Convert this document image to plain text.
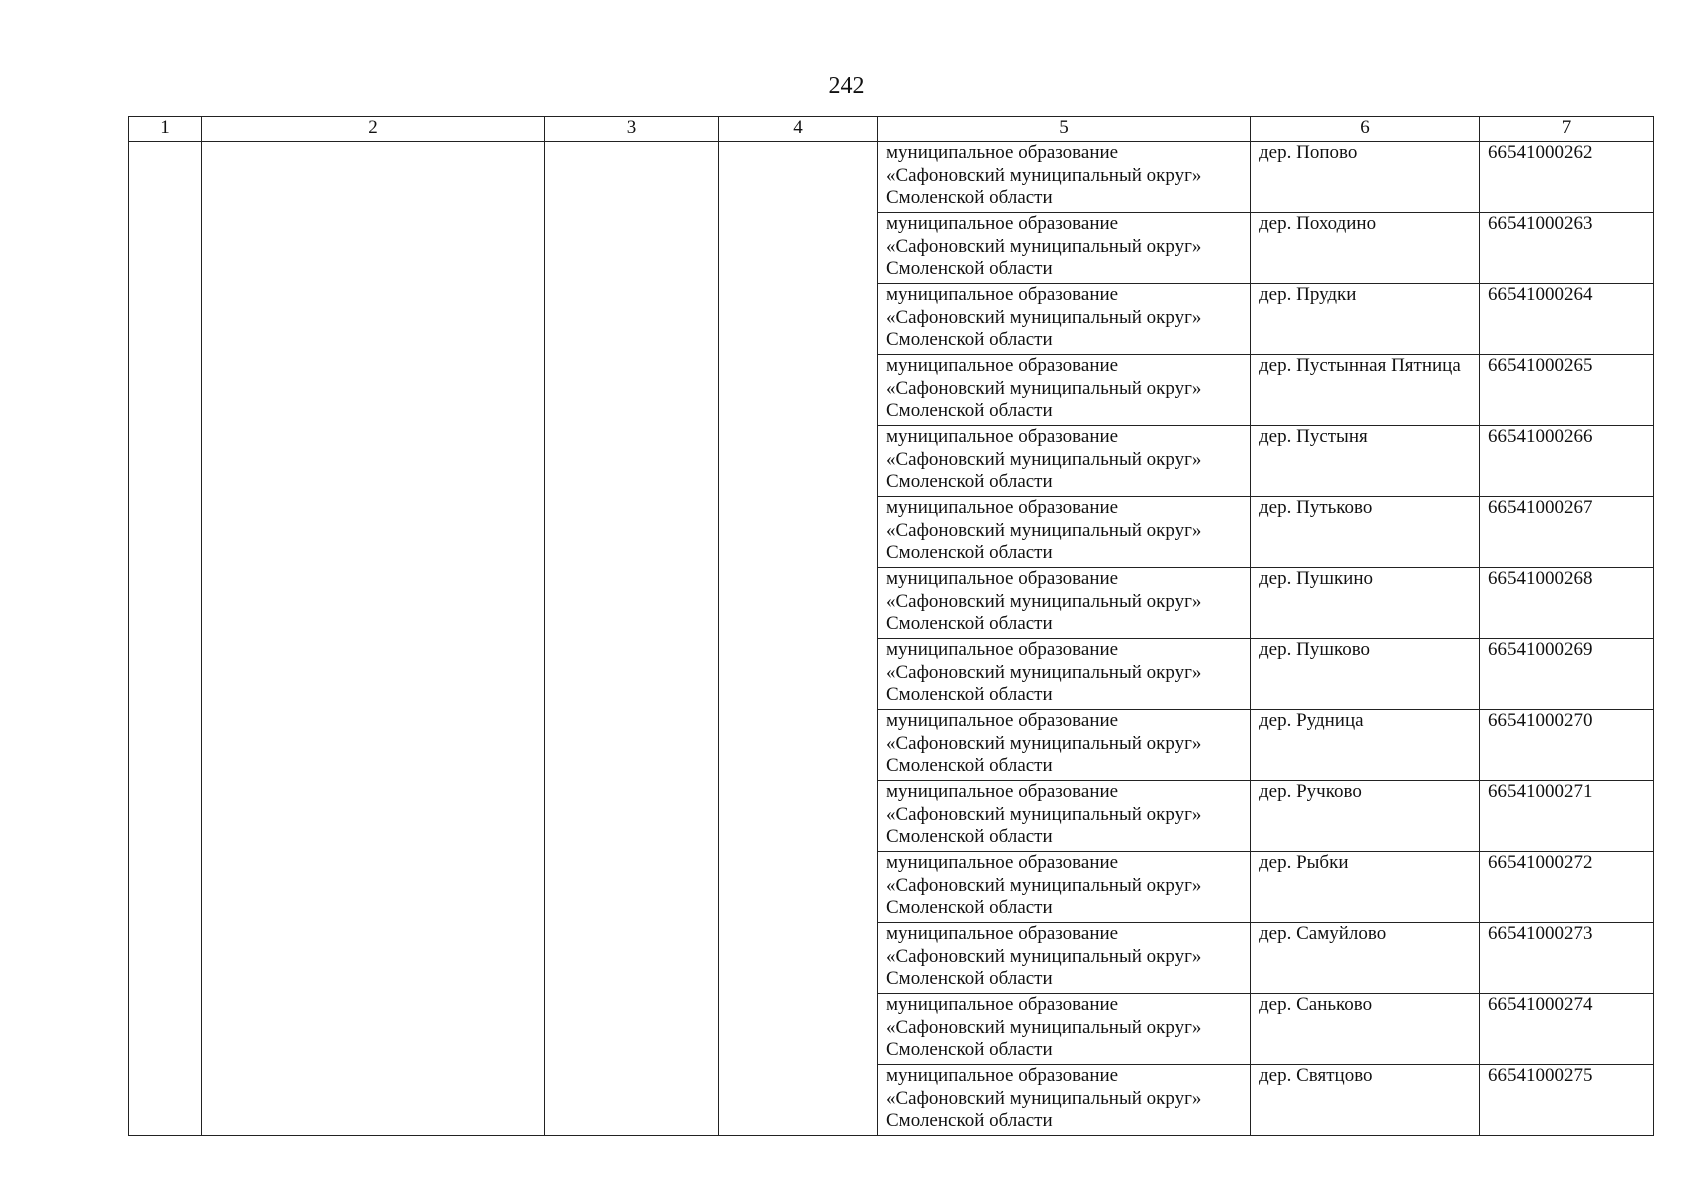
242
1	2	3	4	5	6	7

				муниципальное образование
«Сафоновский муниципальный округ»
Смоленской области	дер. Попово	66541000262

				муниципальное образование
«Сафоновский муниципальный округ»
Смоленской области	дер. Походино	66541000263

				муниципальное образование
«Сафоновский муниципальный округ»
Смоленской области	дер. Прудки	66541000264

				муниципальное образование
«Сафоновский муниципальный округ»
Смоленской области	дер. Пустынная Пятница	66541000265

				муниципальное образование
«Сафоновский муниципальный округ»
Смоленской области	дер. Пустыня	66541000266

				муниципальное образование
«Сафоновский муниципальный округ»
Смоленской области	дер. Путьково	66541000267

				муниципальное образование
«Сафоновский муниципальный округ»
Смоленской области	дер. Пушкино	66541000268

				муниципальное образование
«Сафоновский муниципальный округ»
Смоленской области	дер. Пушково	66541000269

				муниципальное образование
«Сафоновский муниципальный округ»
Смоленской области	дер. Рудница	66541000270

				муниципальное образование
«Сафоновский муниципальный округ»
Смоленской области	дер. Ручково	66541000271

				муниципальное образование
«Сафоновский муниципальный округ»
Смоленской области	дер. Рыбки	66541000272

				муниципальное образование
«Сафоновский муниципальный округ»
Смоленской области	дер. Самуйлово	66541000273

				муниципальное образование
«Сафоновский муниципальный округ»
Смоленской области	дер. Саньково	66541000274

				муниципальное образование
«Сафоновский муниципальный округ»
Смоленской области	дер. Святцово	66541000275
